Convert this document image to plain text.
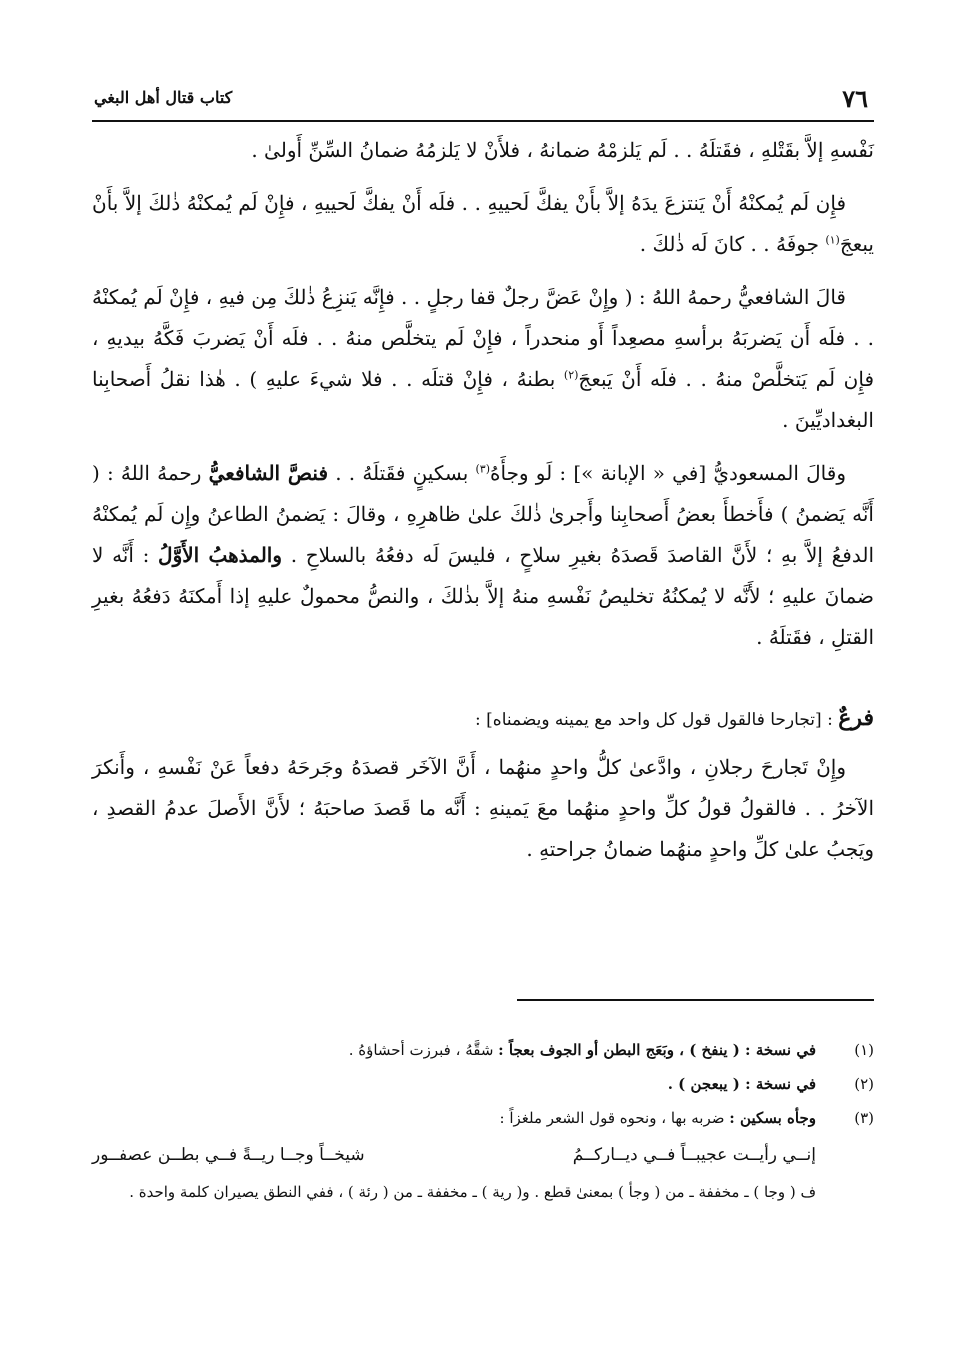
٧٦
كتاب قتال أهل البغي

نَفْسهِ إلاَّ بقَتْلهِ ، فقَتلَهُ . . لَم يَلزمْهُ ضمانهُ ، فلأَنْ لا يَلزمُهُ ضمانُ السِّنِّ أَولىٰ .

فإِن لَم يُمكنْهُ أَنْ يَنتزعَ يدَهُ إلاَّ بأَنْ يفكَّ لَحييهِ . . فلَه أَنْ يفكَّ لَحييهِ ، فإِنْ لَم يُمكنْهُ ذٰلكَ إلاَّ بأَنْ يبعجَ$^{(١)}$ جوفَهُ . . كانَ لَه ذٰلكَ .

قالَ الشافعيُّ رحمهُ اللهُ : ( وإِنْ عَضَّ رجلٌ قفا رجلٍ . . فإِنَّه يَنزِعُ ذٰلكَ مِن فيهِ ، فإِنْ لَم يُمكنْهُ . . فلَه أَن يَضربَهُ برأسهِ مصعِداً أَو منحدراً ، فإِنْ لَم يتخلَّص منهُ . . فلَه أَنْ يَضربَ فَكَّهُ بيديهِ ، فإِن لَم يَتخلَّصْ منهُ . . فلَه أَنْ يَبعجَ$^{(٢)}$ بطنهُ ، فإِنْ قتلَه . . فلا شيءَ عليهِ ) . هٰذا نقلُ أَصحابِنا البغداديِّينَ .

وقالَ المسعوديُّ [في « الإبانة »] : لَو وجأَهُ$^{(٣)}$ بسكينٍ فقَتلَهُ . . فنصَّ الشافعيُّ رحمهُ اللهُ : ( أَنَّه يَضمنُ ) فأَخطأَ بعضُ أَصحابِنا وأَجرىٰ ذٰلكَ علىٰ ظاهرِهِ ، وقالَ : يَضمنُ الطاعنُ وإِن لَم يُمكنْهُ الدفعُ إلاَّ بهِ ؛ لأَنَّ القاصدَ قَصدَهُ بغيرِ سلاحٍ ، فليسَ لَه دفعُهُ بالسلاحِ . والمذهبُ الأَوَّلُ : أَنَّه لا ضمانَ عليهِ ؛ لأَنَّه لا يُمكنُهُ تخليصُ نَفْسهِ منهُ إلاَّ بذٰلكَ ، والنصُّ محمولٌ عليهِ إذا أَمكنَهُ دَفعُهُ بغيرِ القتلِ ، فقَتلَهُ .

فرعٌ : [تجارحا فالقول قول كل واحد مع يمينه ويضمناه] :

وإِنْ تَجارحَ رجلانِ ، وادَّعىٰ كلُّ واحدٍ منهُما ، أَنَّ الآخَر قصدَهُ وجَرحَهُ دفعاً عَنْ نَفْسهِ ، وأَنكرَ الآخرُ . . فالقولُ قولُ كلِّ واحدٍ منهُما معَ يَمينهِ : أَنَّه ما قَصدَ صاحبَهُ ؛ لأَنَّ الأَصلَ عدمُ القصدِ ، ويَجبُ علىٰ كلِّ واحدٍ منهُما ضمانُ جراحتهِ .

(١)
في نسخة : ( ينفخ ) ، وبَعَج البطن أو الجوف بعجاً : شقَّهُ ، فبرزت أحشاؤهُ .
(٢)
في نسخة : ( يبعجن ) .
(٣)
وجأه بسكين : ضربه بها ، ونحوه قول الشعر ملغزاً :
إنــي رأيــت عجيبــاً فــي ديــاركــمُ
شيخــاً وجــا ريــةً فــي بطــن عصفــور
ف ( وجا ) ـ مخففة ـ من ( وجأ ) بمعنىٰ قطع . و( رية ) ـ مخففة ـ من ( رئة ) ، ففي النطق يصيران كلمة واحدة .
